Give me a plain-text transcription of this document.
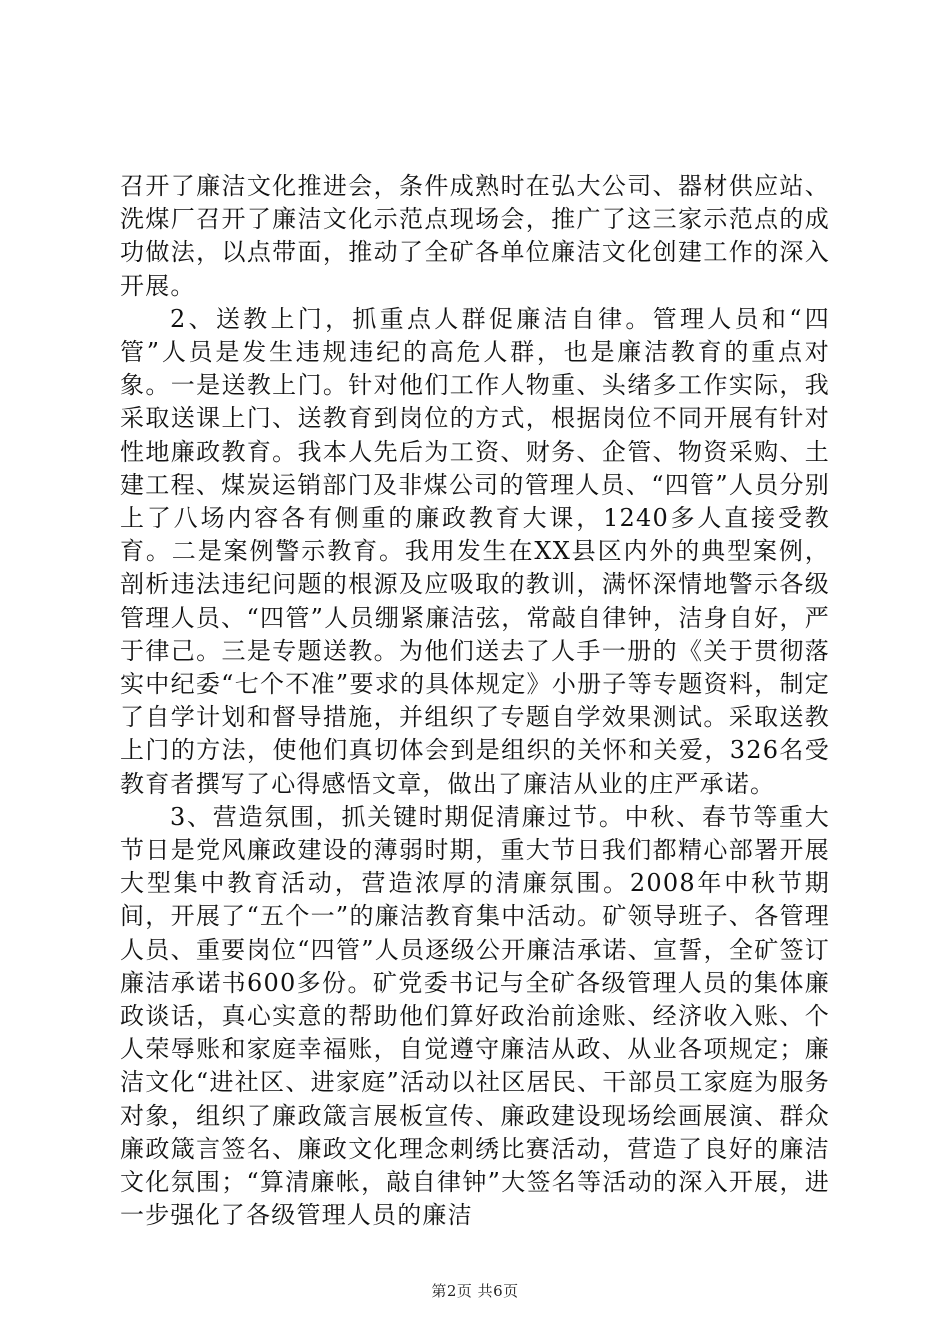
召开了廉洁文化推进会，条件成熟时在弘大公司、器材供应站、洗煤厂召开了廉洁文化示范点现场会，推广了这三家示范点的成功做法，以点带面，推动了全矿各单位廉洁文化创建工作的深入开展。

2、送教上门，抓重点人群促廉洁自律。管理人员和“四管”人员是发生违规违纪的高危人群，也是廉洁教育的重点对象。一是送教上门。针对他们工作人物重、头绪多工作实际，我采取送课上门、送教育到岗位的方式，根据岗位不同开展有针对性地廉政教育。我本人先后为工资、财务、企管、物资采购、土建工程、煤炭运销部门及非煤公司的管理人员、“四管”人员分别上了八场内容各有侧重的廉政教育大课，1240多人直接受教育。二是案例警示教育。我用发生在XX县区内外的典型案例，剖析违法违纪问题的根源及应吸取的教训，满怀深情地警示各级管理人员、“四管”人员绷紧廉洁弦，常敲自律钟，洁身自好，严于律己。三是专题送教。为他们送去了人手一册的《关于贯彻落实中纪委“七个不准”要求的具体规定》小册子等专题资料，制定了自学计划和督导措施，并组织了专题自学效果测试。采取送教上门的方法，使他们真切体会到是组织的关怀和关爱，326名受教育者撰写了心得感悟文章，做出了廉洁从业的庄严承诺。

3、营造氛围，抓关键时期促清廉过节。中秋、春节等重大节日是党风廉政建设的薄弱时期，重大节日我们都精心部署开展大型集中教育活动，营造浓厚的清廉氛围。2008年中秋节期间，开展了“五个一”的廉洁教育集中活动。矿领导班子、各管理人员、重要岗位“四管”人员逐级公开廉洁承诺、宣誓，全矿签订廉洁承诺书600多份。矿党委书记与全矿各级管理人员的集体廉政谈话，真心实意的帮助他们算好政治前途账、经济收入账、个人荣辱账和家庭幸福账，自觉遵守廉洁从政、从业各项规定；廉洁文化“进社区、进家庭”活动以社区居民、干部员工家庭为服务对象，组织了廉政箴言展板宣传、廉政建设现场绘画展演、群众廉政箴言签名、廉政文化理念刺绣比赛活动，营造了良好的廉洁文化氛围；“算清廉帐，敲自律钟”大签名等活动的深入开展，进一步强化了各级管理人员的廉洁

第2页 共6页
